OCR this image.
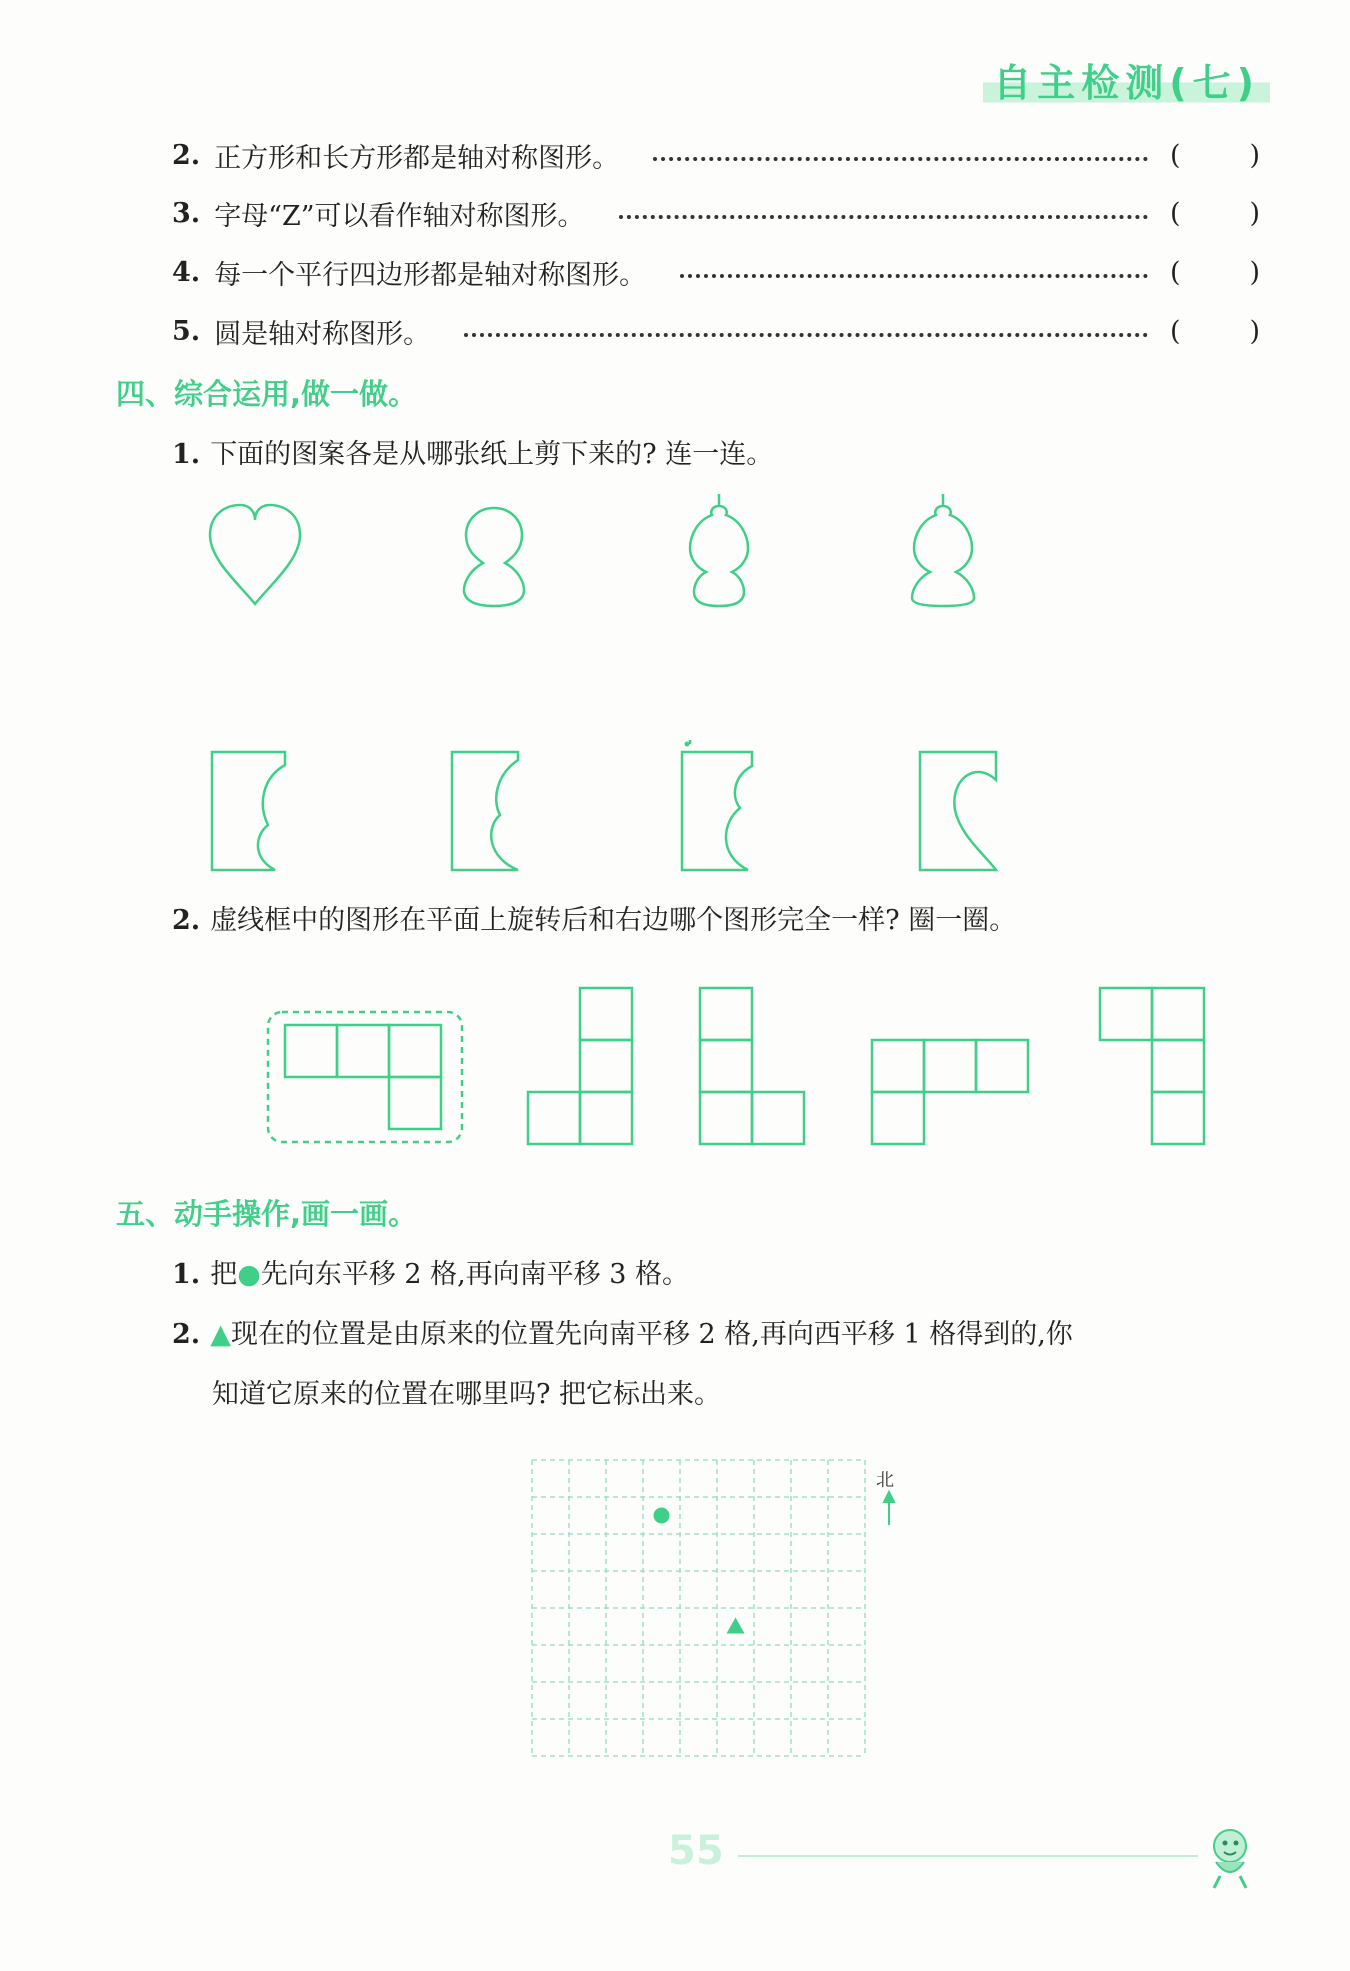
自主检测(七)
2. 正方形和长方形都是轴对称图形。	(	)
3. 字母“Z”可以看作轴对称图形。	(	)
4. 每一个平行四边形都是轴对称图形。	(	)
5. 圆是轴对称图形。	(	)
四、综合运用,做一做。
1. 下面的图案各是从哪张纸上剪下来的? 连一连。
2. 虚线框中的图形在平面上旋转后和右边哪个图形完全一样? 圈一圈。
五、动手操作,画一画。
1. 把●先向东平移 2 格,再向南平移 3 格。
2. ▲现在的位置是由原来的位置先向南平移 2 格,再向西平移 1 格得到的,你
知道它原来的位置在哪里吗? 把它标出来。
北
55
